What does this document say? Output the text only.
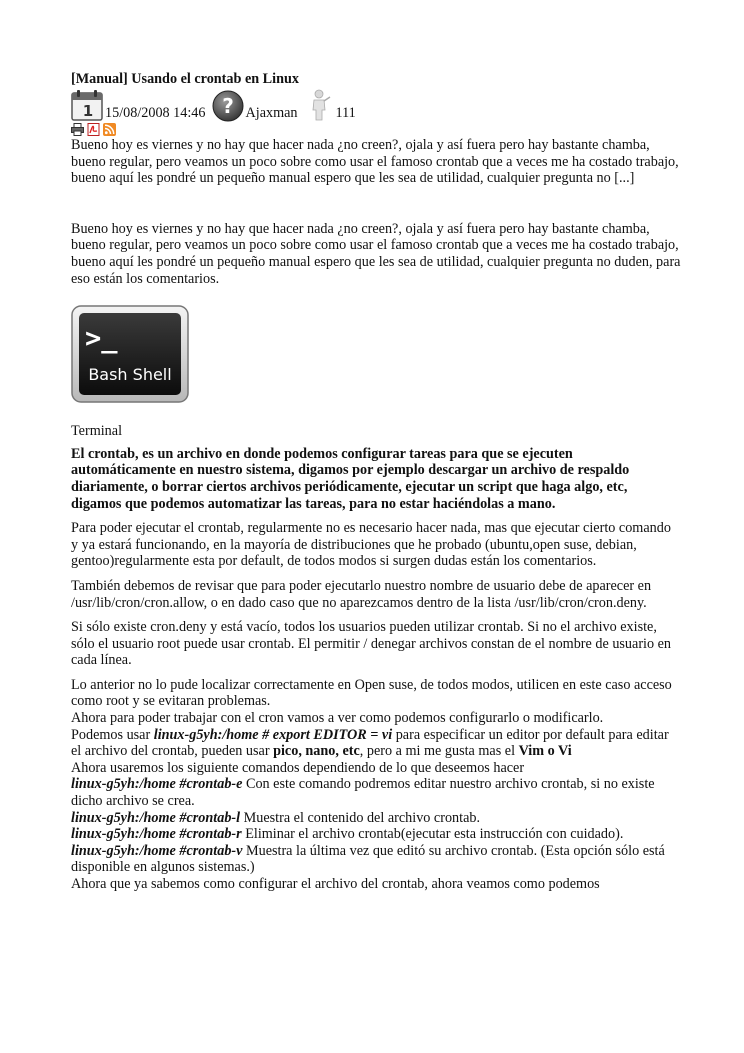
[Manual] Usando el crontab en Linux
1 15/08/2008 14:46 ? Ajaxman	111

Bueno hoy es viernes y no hay que hacer nada ¿no creen?, ojala y así fuera pero hay bastante chamba, bueno regular, pero veamos un poco sobre como usar el famoso crontab que a veces me ha costado trabajo, bueno aquí les pondré un pequeño manual espero que les sea de utilidad, cualquier pregunta no [...]

Bueno hoy es viernes y no hay que hacer nada ¿no creen?, ojala y así fuera pero hay bastante chamba, bueno regular, pero veamos un poco sobre como usar el famoso crontab que a veces me ha costado trabajo, bueno aquí les pondré un pequeño manual espero que les sea de utilidad, cualquier pregunta no duden, para eso están los comentarios.

>_
Bash Shell

Terminal

El crontab, es un archivo en donde podemos configurar tareas para que se ejecuten automáticamente en nuestro sistema, digamos por ejemplo descargar un archivo de respaldo diariamente, o borrar ciertos archivos periódicamente, ejecutar un script que haga algo, etc, digamos que podemos automatizar las tareas, para no estar haciéndolas a mano.

Para poder ejecutar el crontab, regularmente no es necesario hacer nada, mas que ejecutar cierto comando y ya estará funcionando, en la mayoría de distribuciones que he probado (ubuntu,open suse, debian, gentoo)regularmente esta por default, de todos modos si surgen dudas están los comentarios.

También debemos de revisar que para poder ejecutarlo nuestro nombre de usuario debe de aparecer en /usr/lib/cron/cron.allow, o en dado caso que no aparezcamos dentro de la lista /usr/lib/cron/cron.deny.

Si sólo existe cron.deny y está vacío, todos los usuarios pueden utilizar crontab. Si no el archivo existe, sólo el usuario root puede usar crontab. El permitir / denegar archivos constan de el nombre de usuario en cada línea.

Lo anterior no lo pude localizar correctamente en Open suse, de todos modos, utilicen en este caso acceso como root y se evitaran problemas.
Ahora para poder trabajar con el cron vamos a ver como podemos configurarlo o modificarlo.
Podemos usar linux-g5yh:/home # export EDITOR = vi para especificar un editor por default para editar el archivo del crontab, pueden usar pico, nano, etc, pero a mi me gusta mas el Vim o Vi
Ahora usaremos los siguiente comandos dependiendo de lo que deseemos hacer
linux-g5yh:/home #crontab-e Con este comando podremos editar nuestro archivo crontab, si no existe dicho archivo se crea.
linux-g5yh:/home #crontab-l Muestra el contenido del archivo crontab.
linux-g5yh:/home #crontab-r Eliminar el archivo crontab(ejecutar esta instrucción con cuidado).
linux-g5yh:/home #crontab-v Muestra la última vez que editó su archivo crontab. (Esta opción sólo está disponible en algunos sistemas.)
Ahora que ya sabemos como configurar el archivo del crontab, ahora veamos como podemos
